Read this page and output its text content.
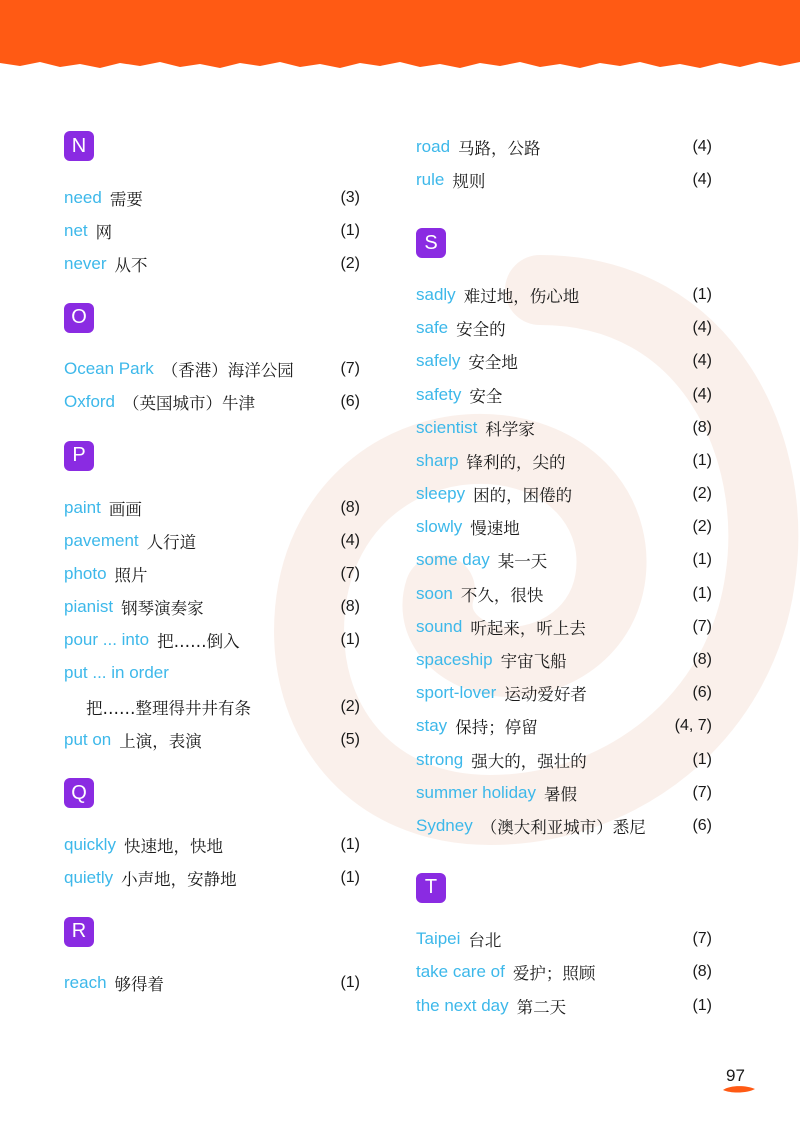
N
need 需要	(3)
net 网	(1)
never 从不	(2)
O
Ocean Park （香港）海洋公园	(7)
Oxford （英国城市）牛津	(6)
P
paint 画画	(8)
pavement 人行道	(4)
photo 照片	(7)
pianist 钢琴演奏家	(8)
pour ... into 把……倒入	(1)
put ... in order
把……整理得井井有条	(2)
put on 上演，表演	(5)
Q
quickly 快速地，快地	(1)
quietly 小声地，安静地	(1)
R
reach 够得着	(1)
road 马路，公路	(4)
rule 规则	(4)
S
sadly 难过地，伤心地	(1)
safe 安全的	(4)
safely 安全地	(4)
safety 安全	(4)
scientist 科学家	(8)
sharp 锋利的，尖的	(1)
sleepy 困的，困倦的	(2)
slowly 慢速地	(2)
some day 某一天	(1)
soon 不久，很快	(1)
sound 听起来，听上去	(7)
spaceship 宇宙飞船	(8)
sport-lover 运动爱好者	(6)
stay 保持；停留	(4, 7)
strong 强大的，强壮的	(1)
summer holiday 暑假	(7)
Sydney （澳大利亚城市）悉尼	(6)
T
Taipei 台北	(7)
take care of 爱护；照顾	(8)
the next day 第二天	(1)
97
